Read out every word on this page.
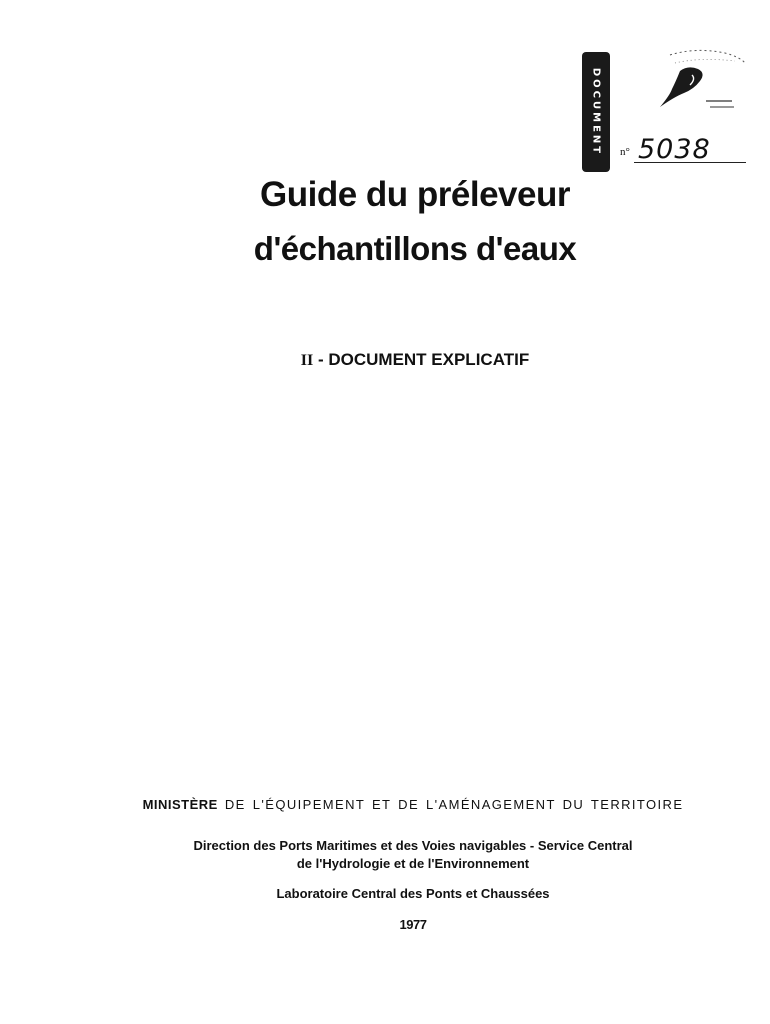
DOCUMENT n° 5038
Guide du préleveur
d'échantillons d'eaux
II - DOCUMENT EXPLICATIF
MINISTÈRE DE L'ÉQUIPEMENT ET DE L'AMÉNAGEMENT DU TERRITOIRE
Direction des Ports Maritimes et des Voies navigables - Service Central
de l'Hydrologie et de l'Environnement
Laboratoire Central des Ponts et Chaussées
1977
